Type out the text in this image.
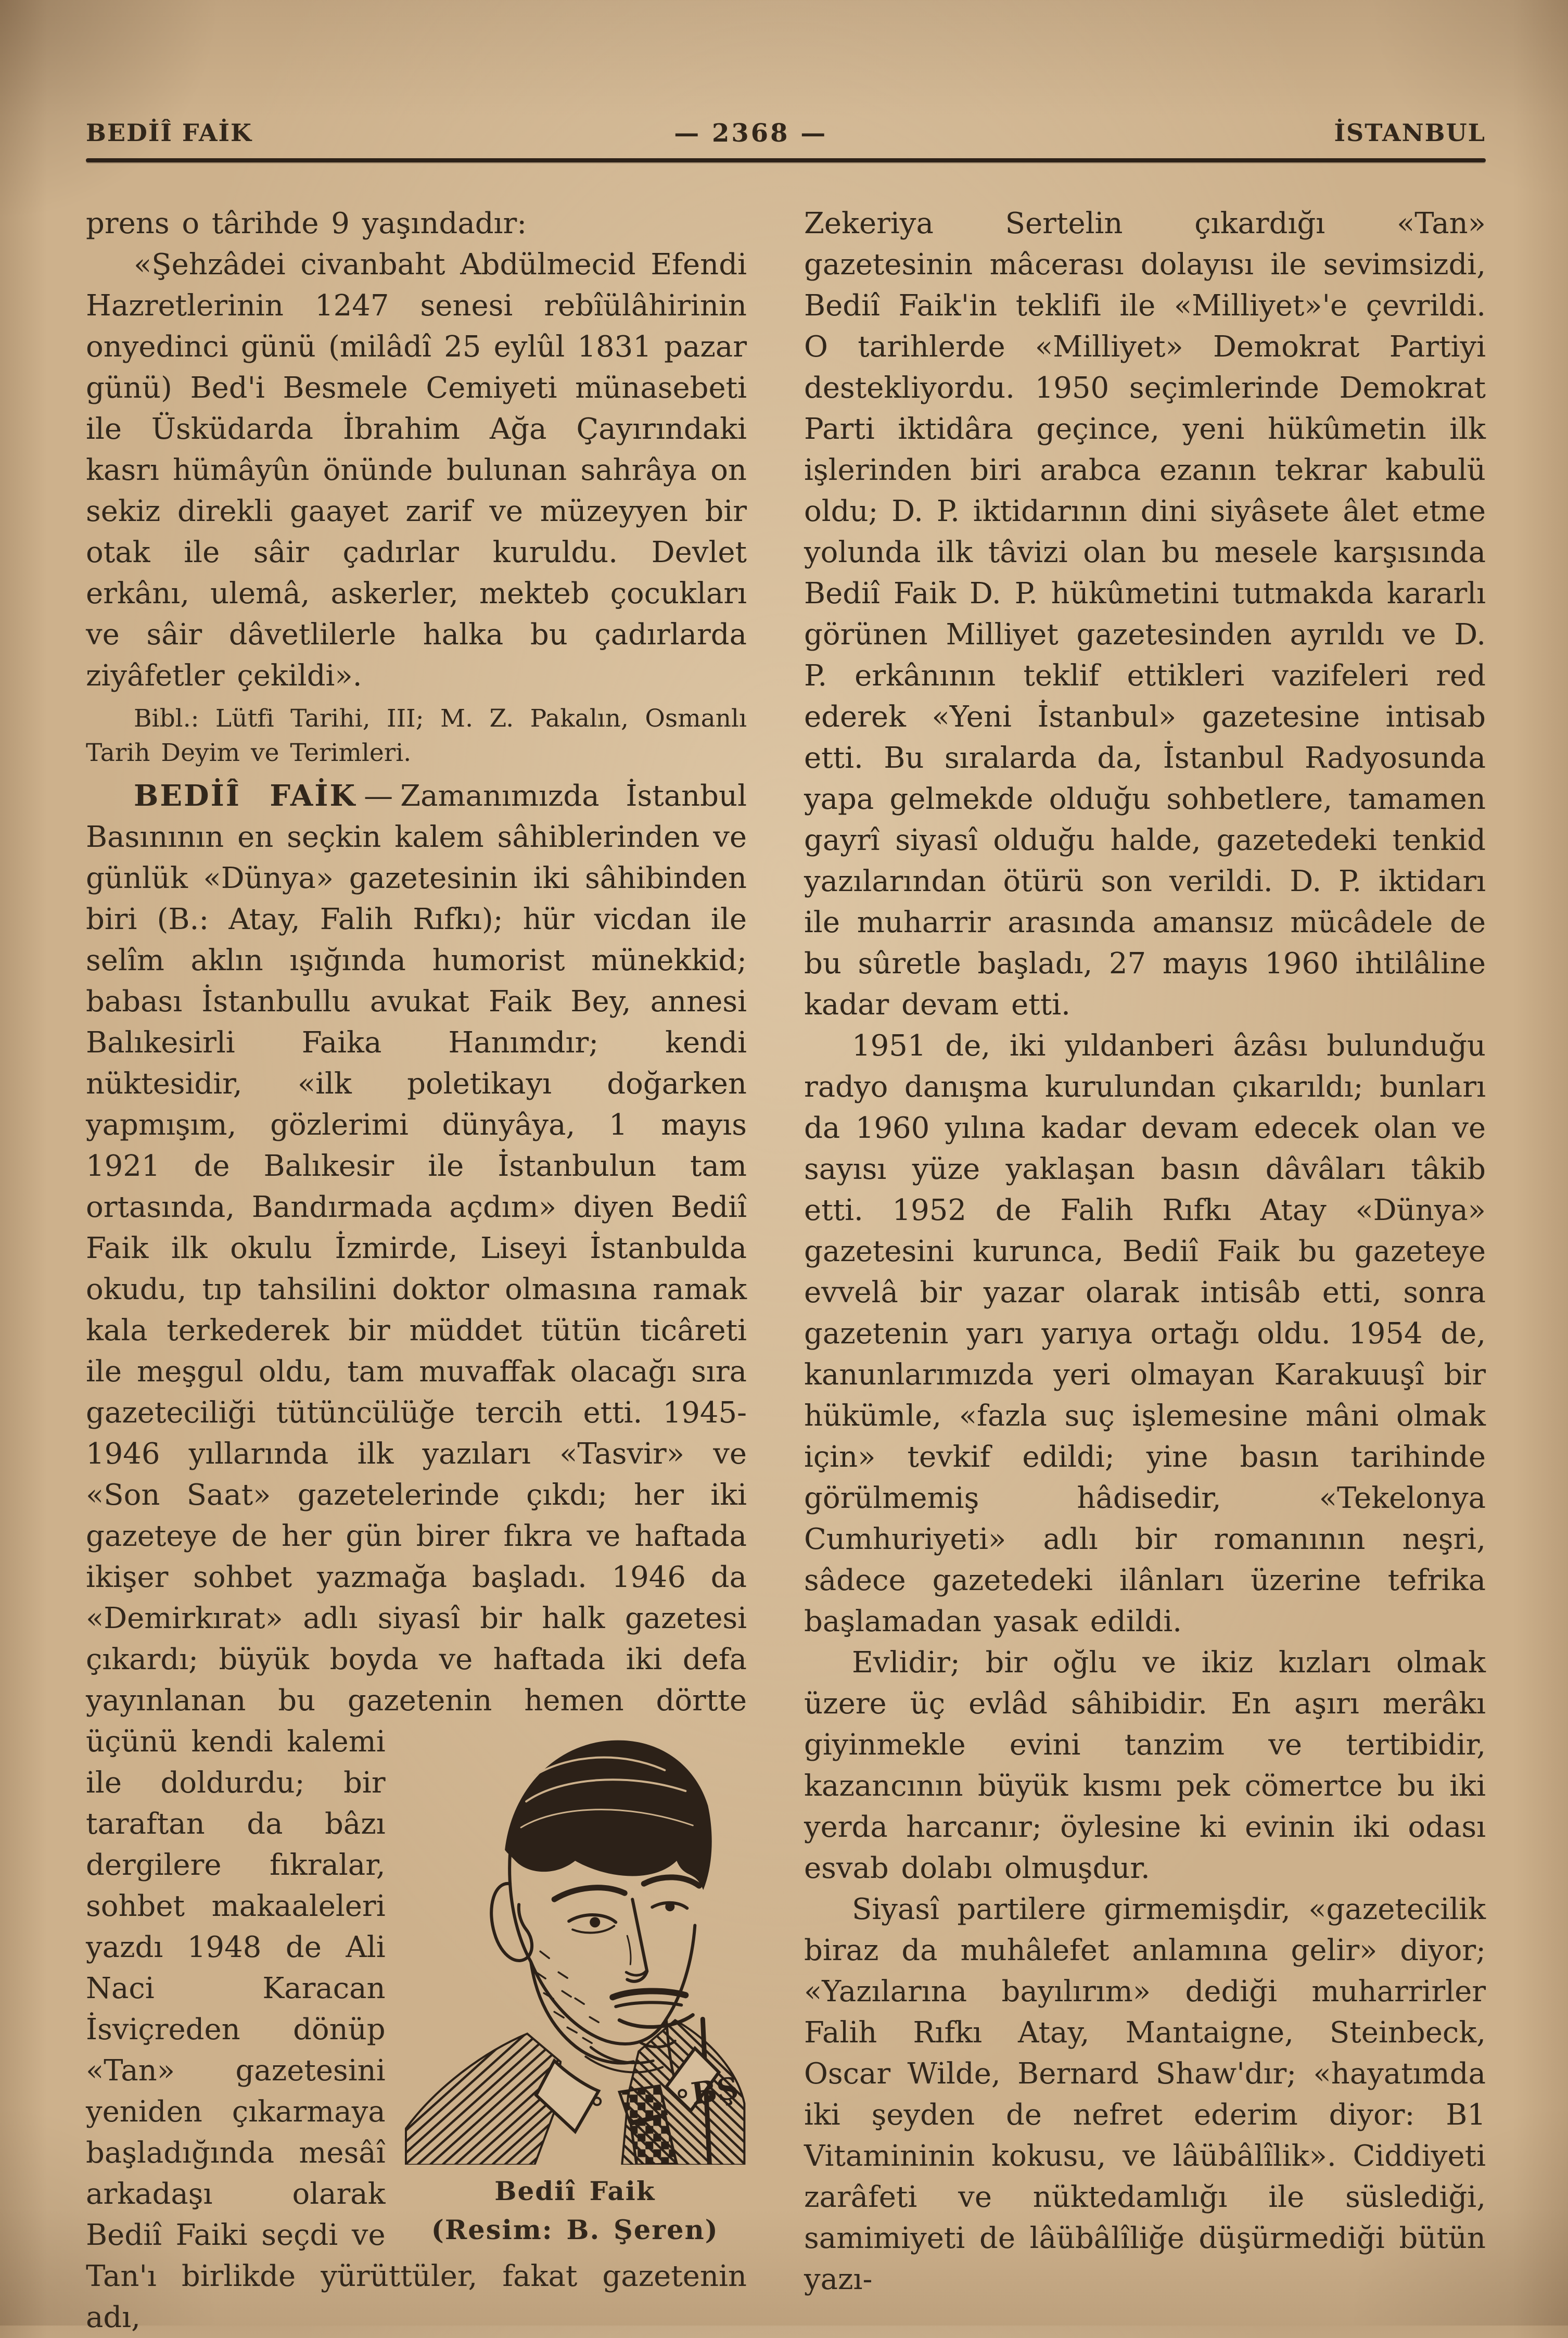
BEDİÎ FAİK	— 2368 —	İSTANBUL

prens o târihde 9 yaşındadır:

«Şehzâdei civanbaht Abdülmecid Efendi Hazretlerinin 1247 senesi rebîülâhirinin onyedinci günü (milâdî 25 eylûl 1831 pazar günü) Bed'i Besmele Cemiyeti münasebeti ile Üsküdarda İbrahim Ağa Çayırındaki kasrı hümâyûn önünde bulunan sahrâya on sekiz direkli gaayet zarif ve müzeyyen bir otak ile sâir çadırlar kuruldu. Devlet erkânı, ulemâ, askerler, mekteb çocukları ve sâir dâvetlilerle halka bu çadırlarda ziyâfetler çekildi».

Bibl.: Lütfi Tarihi, III; M. Z. Pakalın, Osmanlı Tarih Deyim ve Terimleri.

BEDİÎ FAİK — Zamanımızda İstanbul Basınının en seçkin kalem sâhiblerinden ve günlük «Dünya» gazetesinin iki sâhibinden biri (B.: Atay, Falih Rıfkı); hür vicdan ile selîm aklın ışığında humorist münekkid; babası İstanbullu avukat Faik Bey, annesi Balıkesirli Faika Hanımdır; kendi nüktesidir, «ilk poletikayı doğarken yapmışım, gözlerimi dünyâya, 1 mayıs 1921 de Balıkesir ile İstanbulun tam ortasında, Bandırmada açdım» diyen Bediî Faik ilk okulu İzmirde, Liseyi İstanbulda okudu, tıp tahsilini doktor olmasına ramak kala terkederek bir müddet tütün ticâreti ile meşgul oldu, tam muvaffak olacağı sıra gazeteciliği tütüncülüğe tercih etti. 1945-1946 yıllarında ilk yazıları «Tasvir» ve «Son Saat» gazetelerinde çıkdı; her iki gazeteye de her gün birer fıkra ve haftada ikişer sohbet yazmağa başladı. 1946 da «Demirkırat» adlı siyasî bir halk gazetesi çıkardı; büyük boyda ve haftada iki defa yayınlanan bu gazetenin hemen dörtte üçünü
BŞ
Bediî Faik
(Resim: B. Şeren)
kendi kalemi ile doldurdu; bir taraftan da bâzı dergilere fıkralar, sohbet makaaleleri yazdı 1948 de Ali Naci Karacan İsviçreden dönüp «Tan» gazetesini yeniden çıkarmaya başladığında mesâî arkadaşı olarak Bediî Faiki seçdi ve Tan'ı birlikde yürüttüler, fakat gazetenin adı,

Zekeriya Sertelin çıkardığı «Tan» gazetesinin mâcerası dolayısı ile sevimsizdi, Bediî Faik'in teklifi ile «Milliyet»'e çevrildi. O tarihlerde «Milliyet» Demokrat Partiyi destekliyordu. 1950 seçimlerinde Demokrat Parti iktidâra geçince, yeni hükûmetin ilk işlerinden biri arabca ezanın tekrar kabulü oldu; D. P. iktidarının dini siyâsete âlet etme yolunda ilk tâvizi olan bu mesele karşısında Bediî Faik D. P. hükûmetini tutmakda kararlı görünen Milliyet gazetesinden ayrıldı ve D. P. erkânının teklif ettikleri vazifeleri red ederek «Yeni İstanbul» gazetesine intisab etti. Bu sıralarda da, İstanbul Radyosunda yapa gelmekde olduğu sohbetlere, tamamen gayrî siyasî olduğu halde, gazetedeki tenkid yazılarından ötürü son verildi. D. P. iktidarı ile muharrir arasında amansız mücâdele de bu sûretle başladı, 27 mayıs 1960 ihtilâline kadar devam etti.

1951 de, iki yıldanberi âzâsı bulunduğu radyo danışma kurulundan çıkarıldı; bunları da 1960 yılına kadar devam edecek olan ve sayısı yüze yaklaşan basın dâvâları tâkib etti. 1952 de Falih Rıfkı Atay «Dünya» gazetesini kurunca, Bediî Faik bu gazeteye evvelâ bir yazar olarak intisâb etti, sonra gazetenin yarı yarıya ortağı oldu. 1954 de, kanunlarımızda yeri olmayan Karakuuşî bir hükümle, «fazla suç işlemesine mâni olmak için» tevkif edildi; yine basın tarihinde görülmemiş hâdisedir, «Tekelonya Cumhuriyeti» adlı bir romanının neşri, sâdece gazetedeki ilânları üzerine tefrika başlamadan yasak edildi.

Evlidir; bir oğlu ve ikiz kızları olmak üzere üç evlâd sâhibidir. En aşırı merâkı giyinmekle evini tanzim ve tertibidir, kazancının büyük kısmı pek cömertce bu iki yerda harcanır; öylesine ki evinin iki odası esvab dolabı olmuşdur.

Siyasî partilere girmemişdir, «gazetecilik biraz da muhâlefet anlamına gelir» diyor; «Yazılarına bayılırım» dediği muharrirler Falih Rıfkı Atay, Mantaigne, Steinbeck, Oscar Wilde, Bernard Shaw'dır; «hayatımda iki şeyden de nefret ederim diyor: B1 Vitamininin kokusu, ve lâübâlîlik». Ciddiyeti zarâfeti ve nüktedamlığı ile süslediği, samimiyeti de lâübâlîliğe düşürmediği bütün yazı-
